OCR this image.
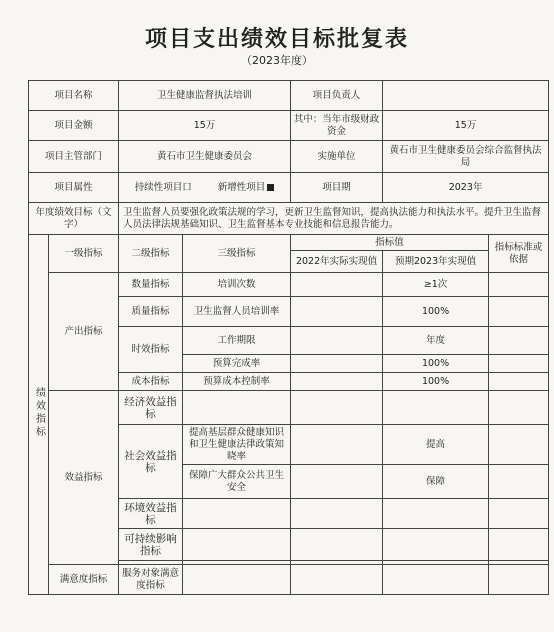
项目支出绩效目标批复表
（2023年度）
项目名称		卫生健康监督执法培训		项目负责人		
项目金额		15万		其中：当年市级财政资金	15万	
项目主管部门		黄石市卫生健康委员会		实施单位	黄石市卫生健康委员会综合监督执法局	
项目属性		持续性项目口 新增性项目		项目期	2023年	
年度绩效目标（文字）		卫生监督人员要强化政策法规的学习，更新卫生监督知识，提高执法能力和执法水平。提升卫生监督人员法律法规基础知识、卫生监督基本专业技能和信息报告能力。				
绩效指标	一级指标	二级指标	三级指标	指标值		指标标准或依据
				2022年实际实现值	预期2023年实现值	
	产出指标	数量指标	培训次数		≥1次	
		质量指标	卫生监督人员培训率		100%	
		时效指标	工作期限		年度	
			预算完成率		100%	
		成本指标	预算成本控制率		100%	
	效益指标	经济效益指标				
		社会效益指标	提高基层群众健康知识和卫生健康法律政策知晓率		提高	
			保障广大群众公共卫生安全		保障	
		环境效益指标				
		可持续影响指标				

	满意度指标	服务对象满意度指标				
